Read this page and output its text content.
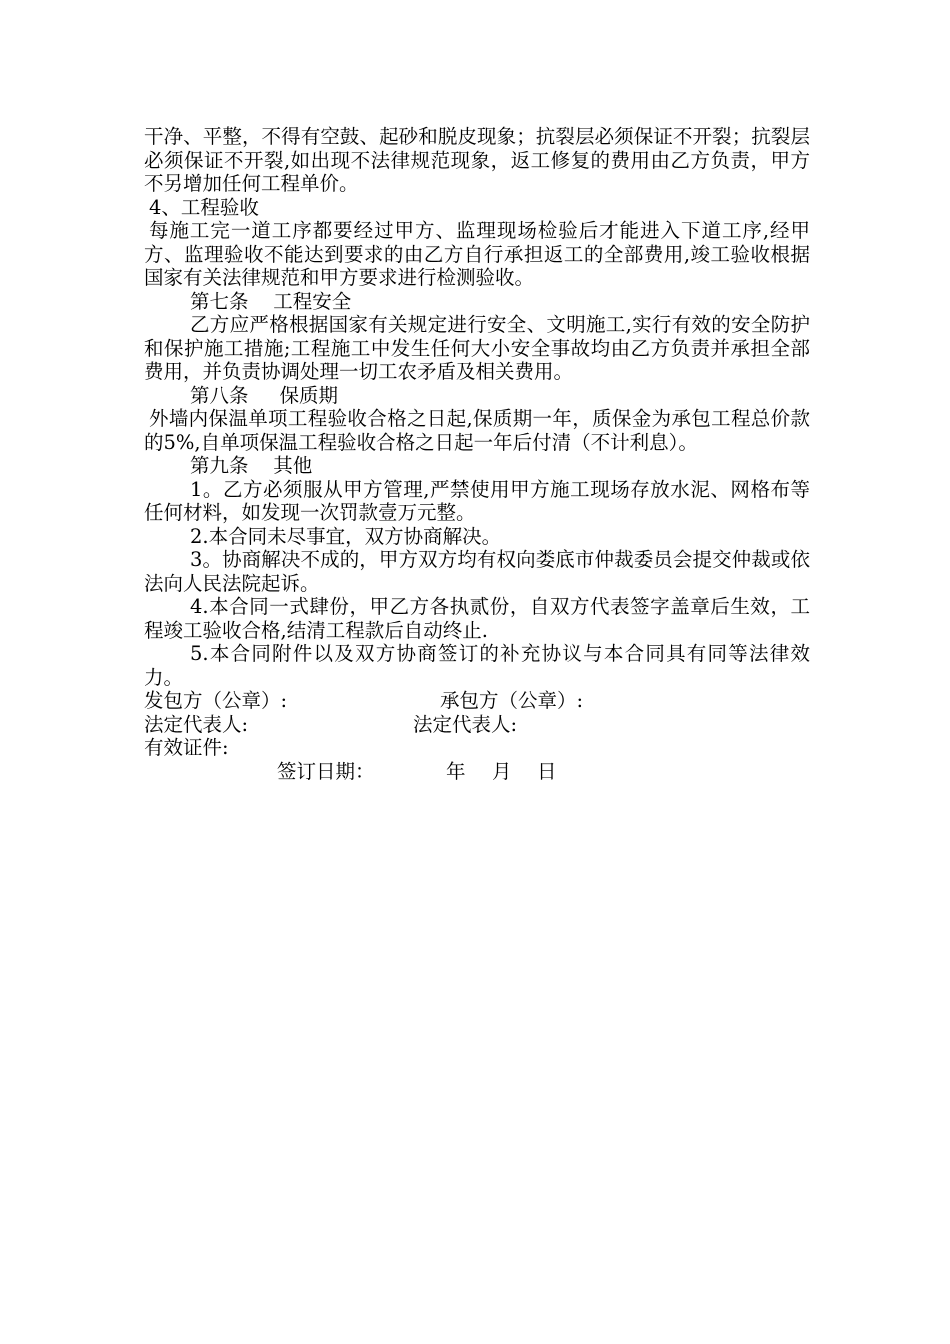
干净、平整，不得有空鼓、起砂和脱皮现象；抗裂层必须保证不开裂；抗裂层必须保证不开裂,如出现不法律规范现象，返工修复的费用由乙方负责，甲方不另增加任何工程单价。

4、工程验收

每施工完一道工序都要经过甲方、监理现场检验后才能进入下道工序,经甲方、监理验收不能达到要求的由乙方自行承担返工的全部费用,竣工验收根据国家有关法律规范和甲方要求进行检测验收。

第七条    工程安全

乙方应严格根据国家有关规定进行安全、文明施工,实行有效的安全防护和保护施工措施;工程施工中发生任何大小安全事故均由乙方负责并承担全部费用，并负责协调处理一切工农矛盾及相关费用。

第八条     保质期

外墙内保温单项工程验收合格之日起,保质期一年，质保金为承包工程总价款的5%,自单项保温工程验收合格之日起一年后付清（不计利息）。

第九条    其他

1。乙方必须服从甲方管理,严禁使用甲方施工现场存放水泥、网格布等任何材料，如发现一次罚款壹万元整。

2.本合同未尽事宜，双方协商解决。

3。协商解决不成的，甲方双方均有权向娄底市仲裁委员会提交仲裁或依法向人民法院起诉。

4.本合同一式肆份，甲乙方各执贰份，自双方代表签字盖章后生效，工程竣工验收合格,结清工程款后自动终止.

5.本合同附件以及双方协商签订的补充协议与本合同具有同等法律效力。

发包方（公章）:

	承包方（公章）:

法定代表人:

	法定代表人:

有效证件:

签订日期：

	年

月

日
